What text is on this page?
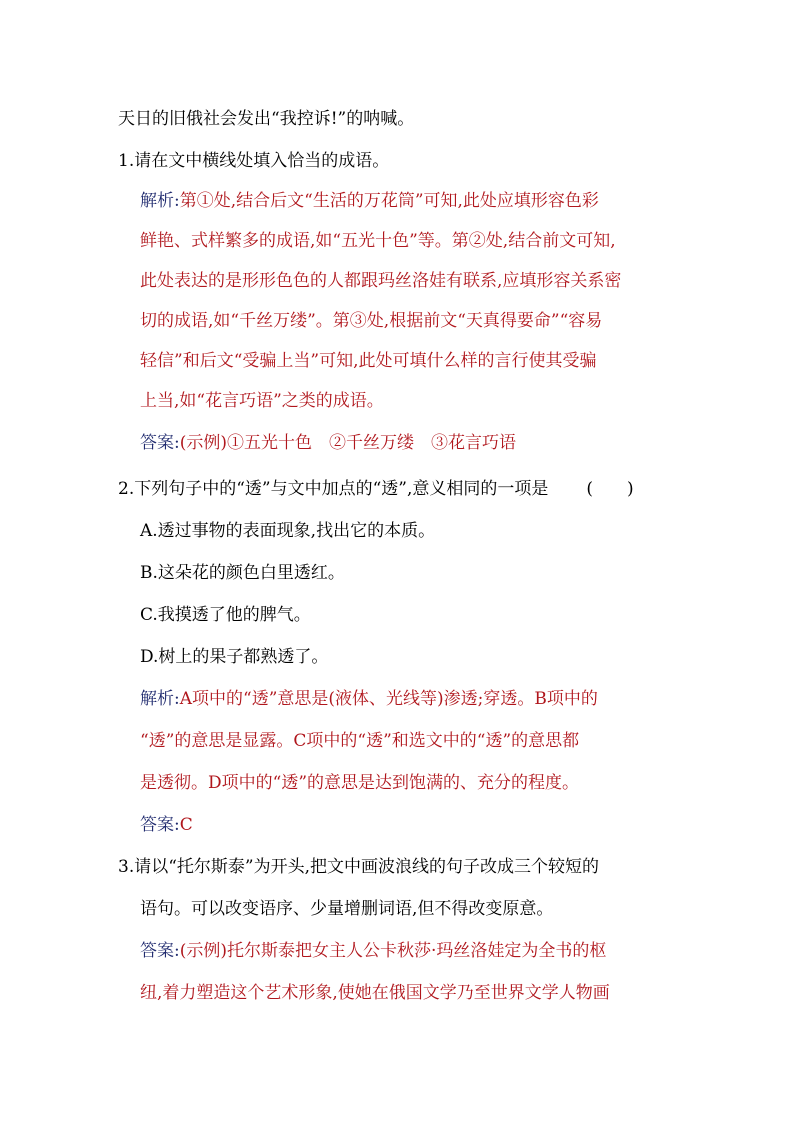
天日的旧俄社会发出“我控诉!”的呐喊。
1.请在文中横线处填入恰当的成语。
解析:第①处,结合后文“生活的万花筒”可知,此处应填形容色彩
鲜艳、式样繁多的成语,如“五光十色”等。第②处,结合前文可知,
此处表达的是形形色色的人都跟玛丝洛娃有联系,应填形容关系密
切的成语,如“千丝万缕”。第③处,根据前文“天真得要命”“容易
轻信”和后文“受骗上当”可知,此处可填什么样的言行使其受骗
上当,如“花言巧语”之类的成语。
答案:(示例)①五光十色　②千丝万缕　③花言巧语
2.下列句子中的“透”与文中加点的“透”,意义相同的一项是 (　　)
A.透过事物的表面现象,找出它的本质。
B.这朵花的颜色白里透红。
C.我摸透了他的脾气。
D.树上的果子都熟透了。
解析:A项中的“透”意思是(液体、光线等)渗透;穿透。B项中的
“透”的意思是显露。C项中的“透”和选文中的“透”的意思都
是透彻。D项中的“透”的意思是达到饱满的、充分的程度。
答案:C
3.请以“托尔斯泰”为开头,把文中画波浪线的句子改成三个较短的
语句。可以改变语序、少量增删词语,但不得改变原意。
答案:(示例)托尔斯泰把女主人公卡秋莎·玛丝洛娃定为全书的枢
纽,着力塑造这个艺术形象,使她在俄国文学乃至世界文学人物画
